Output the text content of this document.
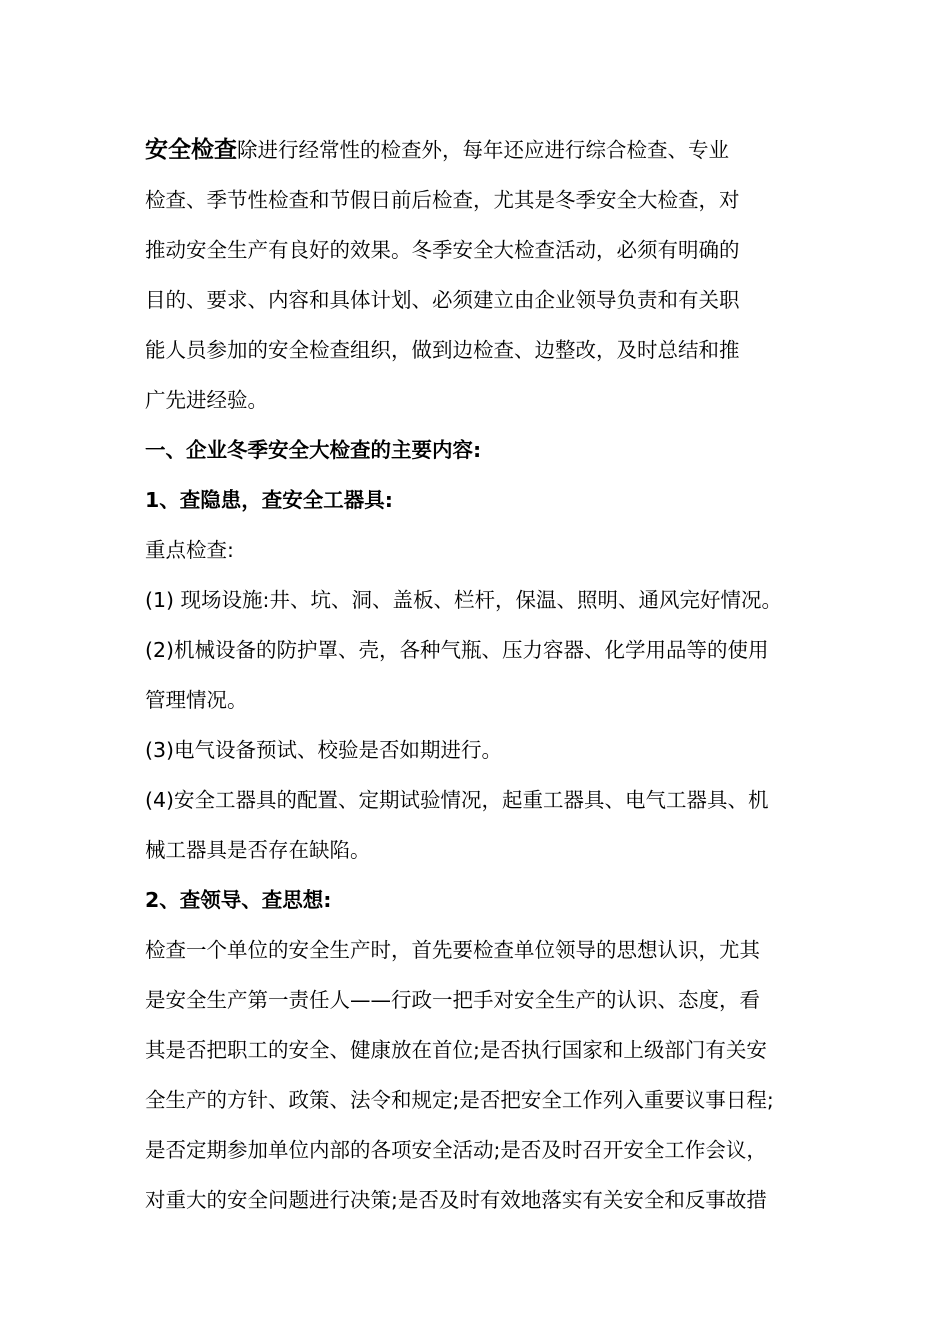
安全检查除进行经常性的检查外，每年还应进行综合检查、专业
检查、季节性检查和节假日前后检查，尤其是冬季安全大检查，对
推动安全生产有良好的效果。冬季安全大检查活动，必须有明确的
目的、要求、内容和具体计划、必须建立由企业领导负责和有关职
能人员参加的安全检查组织，做到边检查、边整改，及时总结和推
广先进经验。
一、企业冬季安全大检查的主要内容:
1、查隐患，查安全工器具:
重点检查:
(1) 现场设施:井、坑、洞、盖板、栏杆，保温、照明、通风完好情况。
(2)机械设备的防护罩、壳，各种气瓶、压力容器、化学用品等的使用
管理情况。
(3)电气设备预试、校验是否如期进行。
(4)安全工器具的配置、定期试验情况，起重工器具、电气工器具、机
械工器具是否存在缺陷。
2、查领导、查思想:
检查一个单位的安全生产时，首先要检查单位领导的思想认识，尤其
是安全生产第一责任人——行政一把手对安全生产的认识、态度，看
其是否把职工的安全、健康放在首位;是否执行国家和上级部门有关安
全生产的方针、政策、法令和规定;是否把安全工作列入重要议事日程;
是否定期参加单位内部的各项安全活动;是否及时召开安全工作会议，
对重大的安全问题进行决策;是否及时有效地落实有关安全和反事故措
